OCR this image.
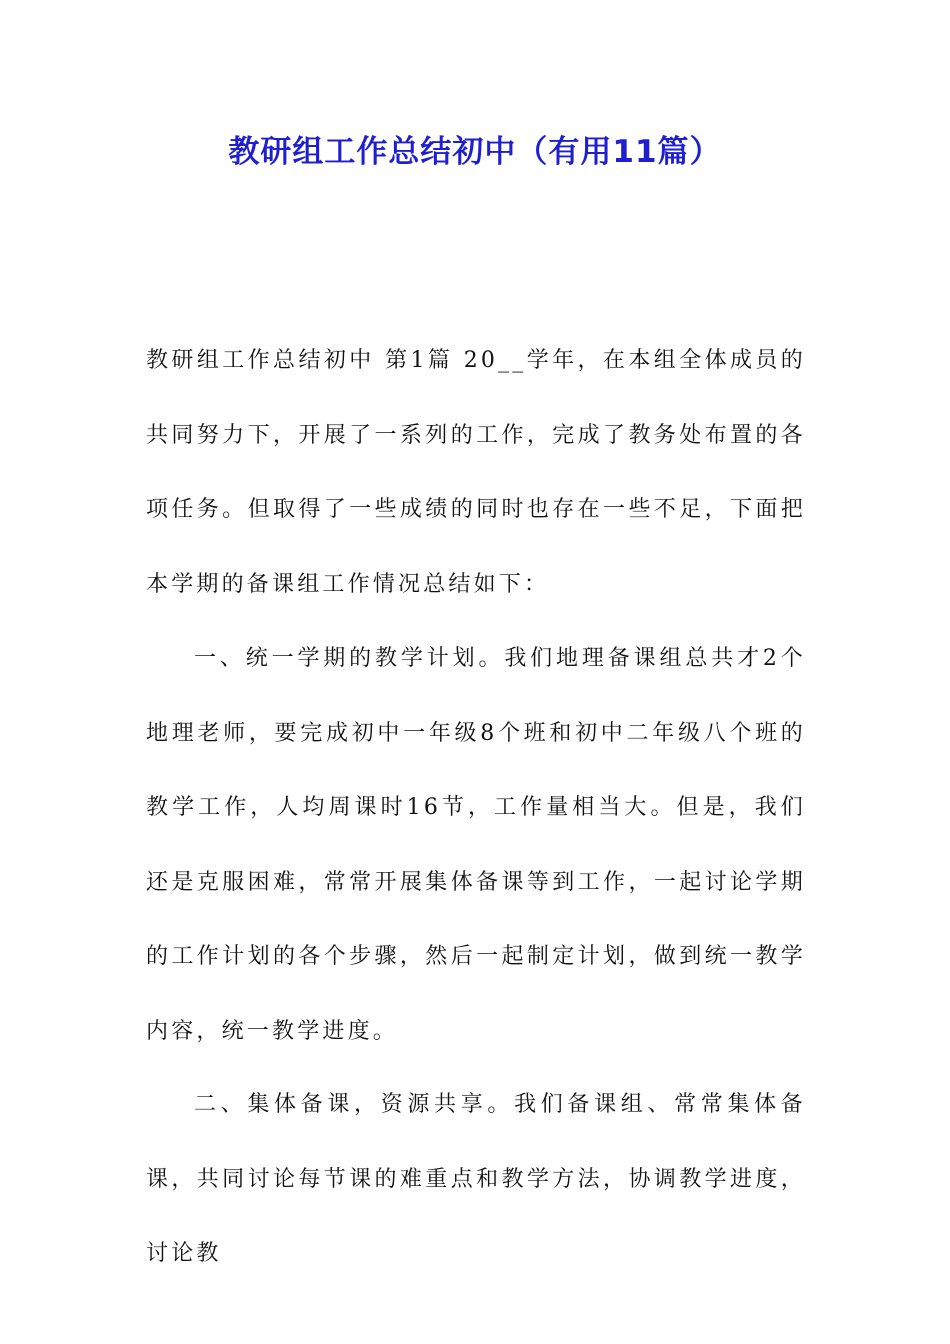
教研组工作总结初中（有用11篇）

教研组工作总结初中 第1篇 20__学年，在本组全体成员的共同努力下，开展了一系列的工作，完成了教务处布置的各项任务。但取得了一些成绩的同时也存在一些不足，下面把本学期的备课组工作情况总结如下：

一、统一学期的教学计划。我们地理备课组总共才2个地理老师，要完成初中一年级8个班和初中二年级八个班的教学工作，人均周课时16节，工作量相当大。但是，我们还是克服困难，常常开展集体备课等到工作，一起讨论学期的工作计划的各个步骤，然后一起制定计划，做到统一教学内容，统一教学进度。

二、集体备课，资源共享。我们备课组、常常集体备课，共同讨论每节课的难重点和教学方法，协调教学进度，讨论教
